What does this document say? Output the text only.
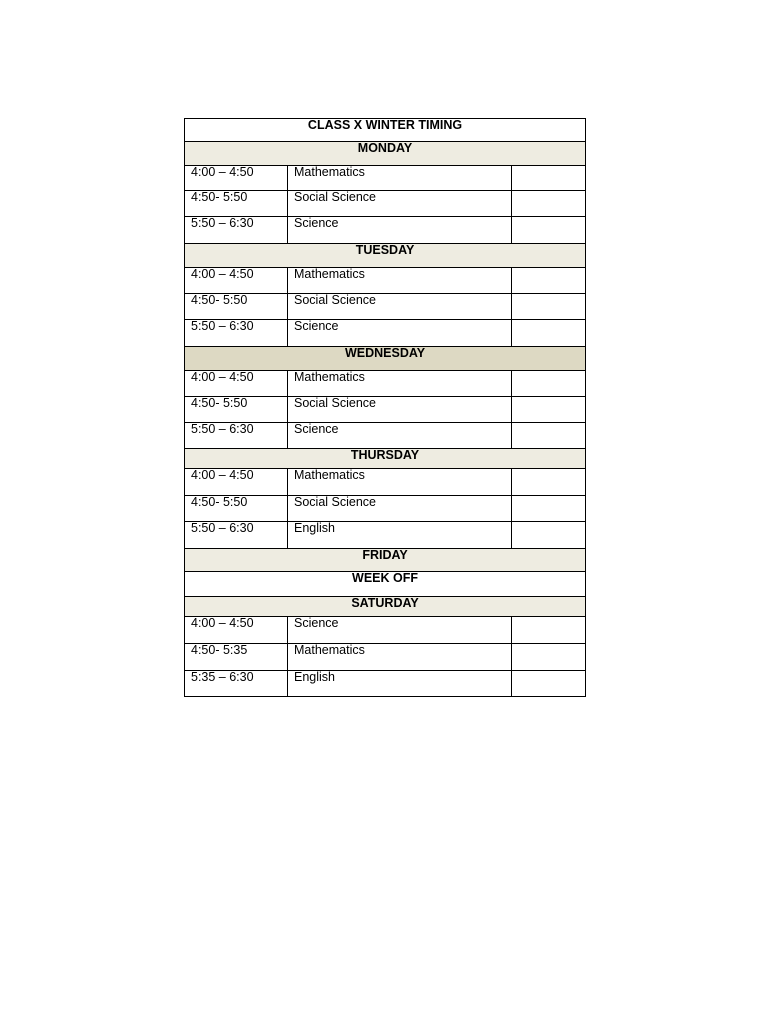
CLASS X WINTER TIMING		
MONDAY		
4:00 – 4:50	Mathematics	
4:50- 5:50	Social Science	
5:50 – 6:30	Science	
TUESDAY		
4:00 – 4:50	Mathematics	
4:50- 5:50	Social Science	
5:50 – 6:30	Science	
WEDNESDAY		
4:00 – 4:50	Mathematics	
4:50- 5:50	Social Science	
5:50 – 6:30	Science	
THURSDAY		
4:00 – 4:50	Mathematics	
4:50- 5:50	Social Science	
5:50 – 6:30	English	
FRIDAY		
WEEK OFF		
SATURDAY		
4:00 – 4:50	Science	
4:50- 5:35	Mathematics	
5:35 – 6:30	English	
